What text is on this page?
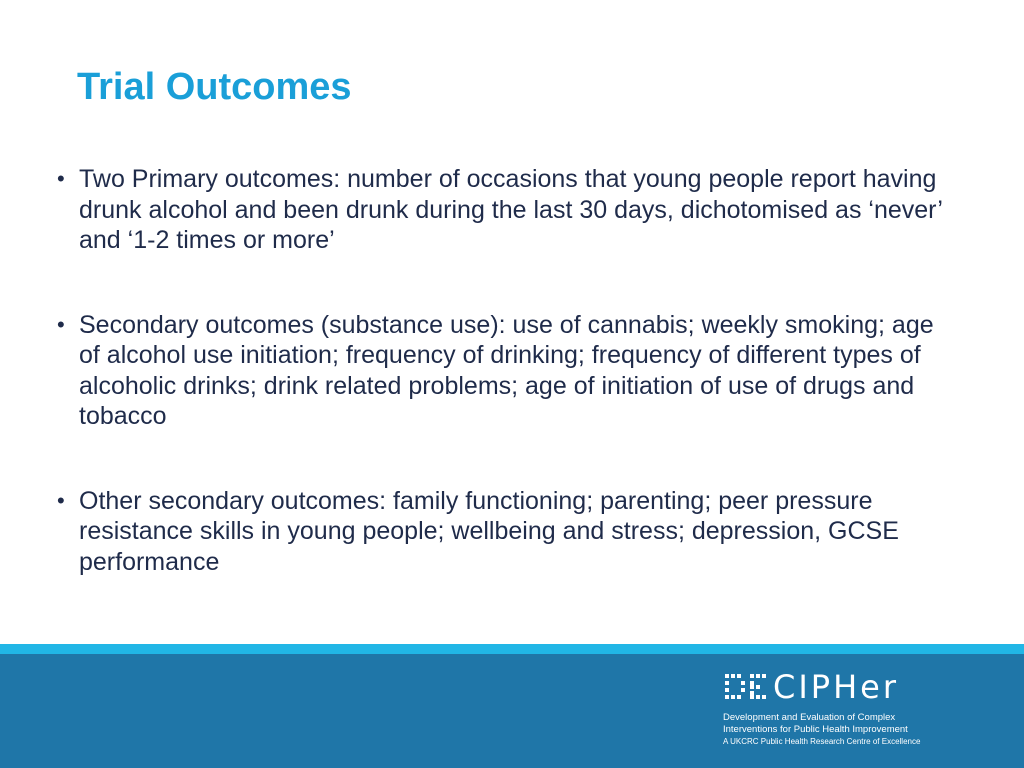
Trial Outcomes
• Two Primary outcomes: number of occasions that young people report having drunk alcohol and been drunk during the last 30 days, dichotomised as ‘never’ and ‘1-2 times or more’
• Secondary outcomes (substance use): use of cannabis; weekly smoking; age of alcohol use initiation; frequency of drinking; frequency of different types of alcoholic drinks; drink related problems; age of initiation of use of drugs and tobacco
• Other secondary outcomes: family functioning; parenting; peer pressure resistance skills in young people; wellbeing and stress; depression, GCSE performance
CIPHer
Development and Evaluation of Complex
Interventions for Public Health Improvement
A UKCRC Public Health Research Centre of Excellence
